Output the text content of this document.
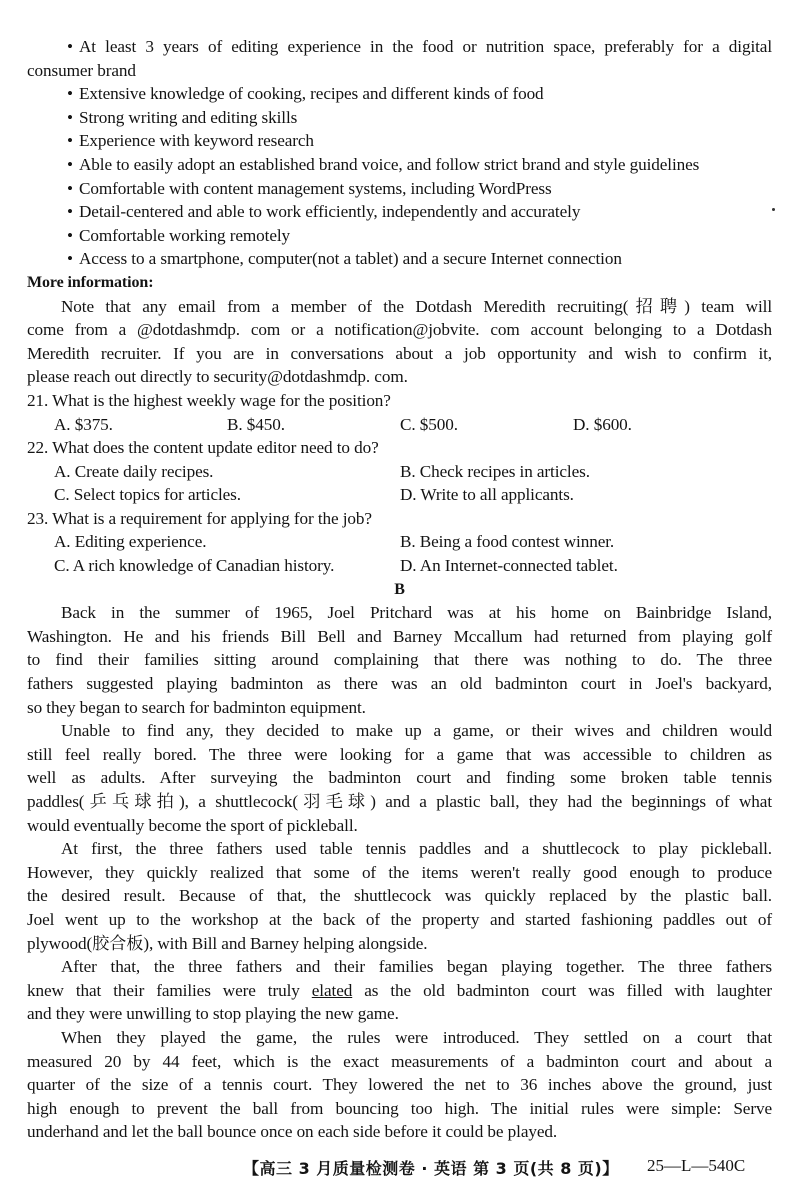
• At least 3 years of editing experience in the food or nutrition space, preferably for a digital
consumer brand
• Extensive knowledge of cooking, recipes and different kinds of food
• Strong writing and editing skills
• Experience with keyword research
• Able to easily adopt an established brand voice, and follow strict brand and style guidelines
• Comfortable with content management systems, including WordPress
• Detail-centered and able to work efficiently, independently and accurately
• Comfortable working remotely
• Access to a smartphone, computer(not a tablet) and a secure Internet connection
More information:
Note that any email from a member of the Dotdash Meredith recruiting(招聘) team will
come from a @dotdashmdp. com or a notification@jobvite. com account belonging to a Dotdash
Meredith recruiter. If you are in conversations about a job opportunity and wish to confirm it,
please reach out directly to security@dotdashmdp. com.
21. What is the highest weekly wage for the position?
A. $375.	B. $450.	C. $500.	D. $600.
22. What does the content update editor need to do?
A. Create daily recipes.	B. Check recipes in articles.
C. Select topics for articles.	D. Write to all applicants.
23. What is a requirement for applying for the job?
A. Editing experience.	B. Being a food contest winner.
C. A rich knowledge of Canadian history.	D. An Internet-connected tablet.
B
Back in the summer of 1965, Joel Pritchard was at his home on Bainbridge Island,
Washington. He and his friends Bill Bell and Barney Mccallum had returned from playing golf
to find their families sitting around complaining that there was nothing to do. The three
fathers suggested playing badminton as there was an old badminton court in Joel's backyard,
so they began to search for badminton equipment.
Unable to find any, they decided to make up a game, or their wives and children would
still feel really bored. The three were looking for a game that was accessible to children as
well as adults. After surveying the badminton court and finding some broken table tennis
paddles(乒乓球拍), a shuttlecock(羽毛球) and a plastic ball, they had the beginnings of what
would eventually become the sport of pickleball.
At first, the three fathers used table tennis paddles and a shuttlecock to play pickleball.
However, they quickly realized that some of the items weren't really good enough to produce
the desired result. Because of that, the shuttlecock was quickly replaced by the plastic ball.
Joel went up to the workshop at the back of the property and started fashioning paddles out of
plywood(胶合板), with Bill and Barney helping alongside.
After that, the three fathers and their families began playing together. The three fathers
knew that their families were truly elated as the old badminton court was filled with laughter
and they were unwilling to stop playing the new game.
When they played the game, the rules were introduced. They settled on a court that
measured 20 by 44 feet, which is the exact measurements of a badminton court and about a
quarter of the size of a tennis court. They lowered the net to 36 inches above the ground, just
high enough to prevent the ball from bouncing too high. The initial rules were simple: Serve
underhand and let the ball bounce once on each side before it could be played.
【高三 3 月质量检测卷 · 英语 第 3 页(共 8 页)】 25—L—540C
